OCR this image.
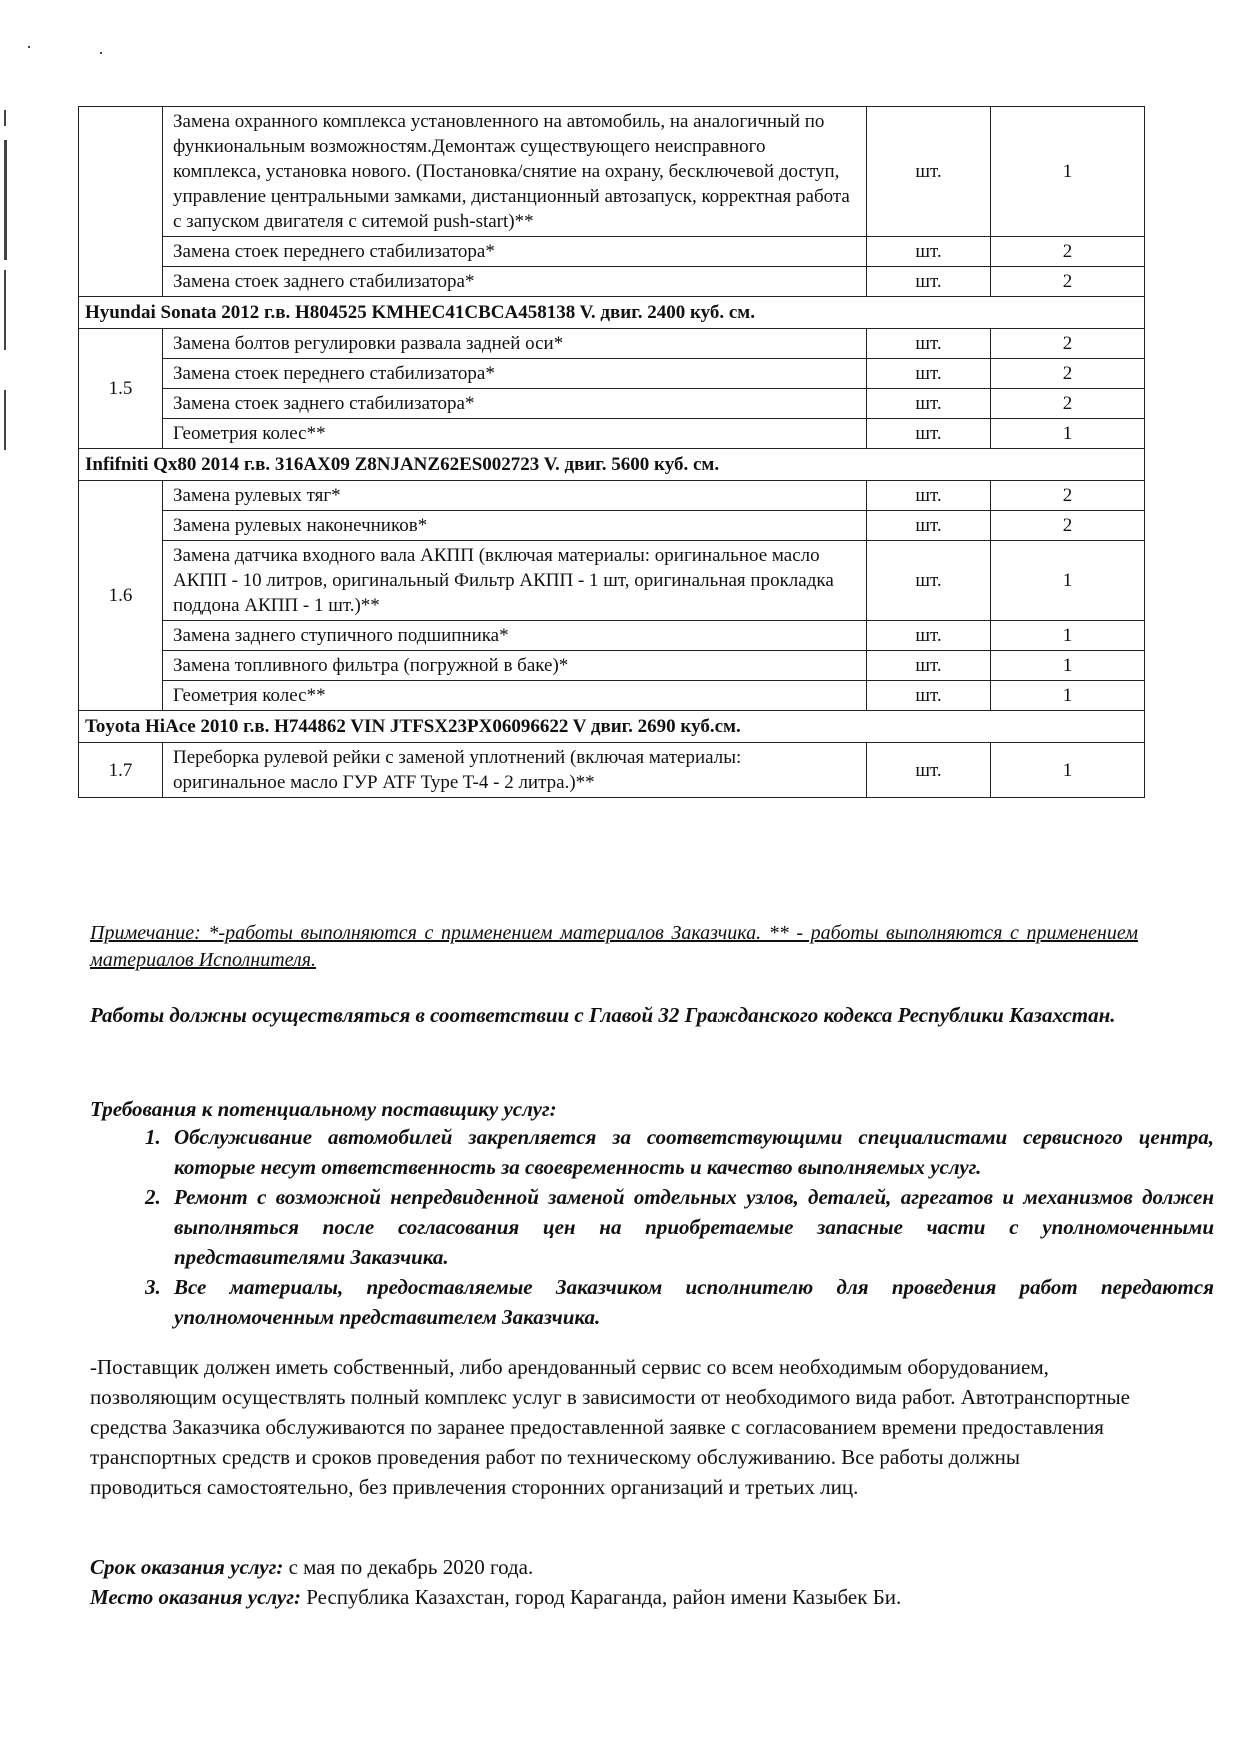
	Замена охранного комплекса установленного на автомобиль, на аналогичный по функиональным возможностям.Демонтаж существующего неисправного комплекса, установка нового. (Постановка/снятие на охрану, бесключевой доступ, управление центральными замками, дистанционный автозапуск, корректная работа с запуском двигателя с ситемой push-start)**	шт.	1
	Замена стоек переднего стабилизатора*	шт.	2
	Замена стоек заднего стабилизатора*	шт.	2
Hyundai Sonata 2012 г.в. H804525 KMHEC41CBCA458138 V. двиг. 2400 куб. см.			
1.5	Замена болтов регулировки развала задней оси*	шт.	2
	Замена стоек переднего стабилизатора*	шт.	2
	Замена стоек заднего стабилизатора*	шт.	2
	Геометрия колес**	шт.	1
Infifniti Qx80 2014 г.в. 316AX09 Z8NJANZ62ES002723 V. двиг. 5600 куб. см.			
1.6	Замена рулевых тяг*	шт.	2
	Замена рулевых наконечников*	шт.	2
	Замена датчика входного вала АКПП (включая материалы: оригинальное масло АКПП - 10 литров, оригинальный Фильтр АКПП - 1 шт, оригинальная прокладка поддона АКПП - 1 шт.)**	шт.	1
	Замена заднего ступичного подшипника*	шт.	1
	Замена топливного фильтра (погружной в баке)*	шт.	1
	Геометрия колес**	шт.	1
Toyota HiAce 2010 г.в. H744862 VIN JTFSX23PX06096622 V двиг. 2690 куб.см.			
1.7	Переборка рулевой рейки с заменой уплотнений (включая материалы: оригинальное масло ГУР ATF Type T-4 - 2 литра.)**	шт.	1
Примечание: *-работы выполняются с применением материалов Заказчика. ** - работы выполняются с применением материалов Исполнителя.
Работы должны осуществляться в соответствии с Главой 32 Гражданского кодекса Республики Казахстан.
Требования к потенциальному поставщику услуг:
1. Обслуживание автомобилей закрепляется за соответствующими специалистами сервисного центра, которые несут ответственность за своевременность и качество выполняемых услуг.
2. Ремонт с возможной непредвиденной заменой отдельных узлов, деталей, агрегатов и механизмов должен выполняться после согласования цен на приобретаемые запасные части с уполномоченными представителями Заказчика.
3. Все материалы, предоставляемые Заказчиком исполнителю для проведения работ передаются уполномоченным представителем Заказчика.
-Поставщик должен иметь собственный, либо арендованный сервис со всем необходимым оборудованием, позволяющим осуществлять полный комплекс услуг в зависимости от необходимого вида работ. Автотранспортные средства Заказчика обслуживаются по заранее предоставленной заявке с согласованием времени предоставления транспортных средств и сроков проведения работ по техническому обслуживанию. Все работы должны проводиться самостоятельно, без привлечения сторонних организаций и третьих лиц.
Срок оказания услуг: с мая по декабрь 2020 года.
Место оказания услуг: Республика Казахстан, город Караганда, район имени Казыбек Би.
